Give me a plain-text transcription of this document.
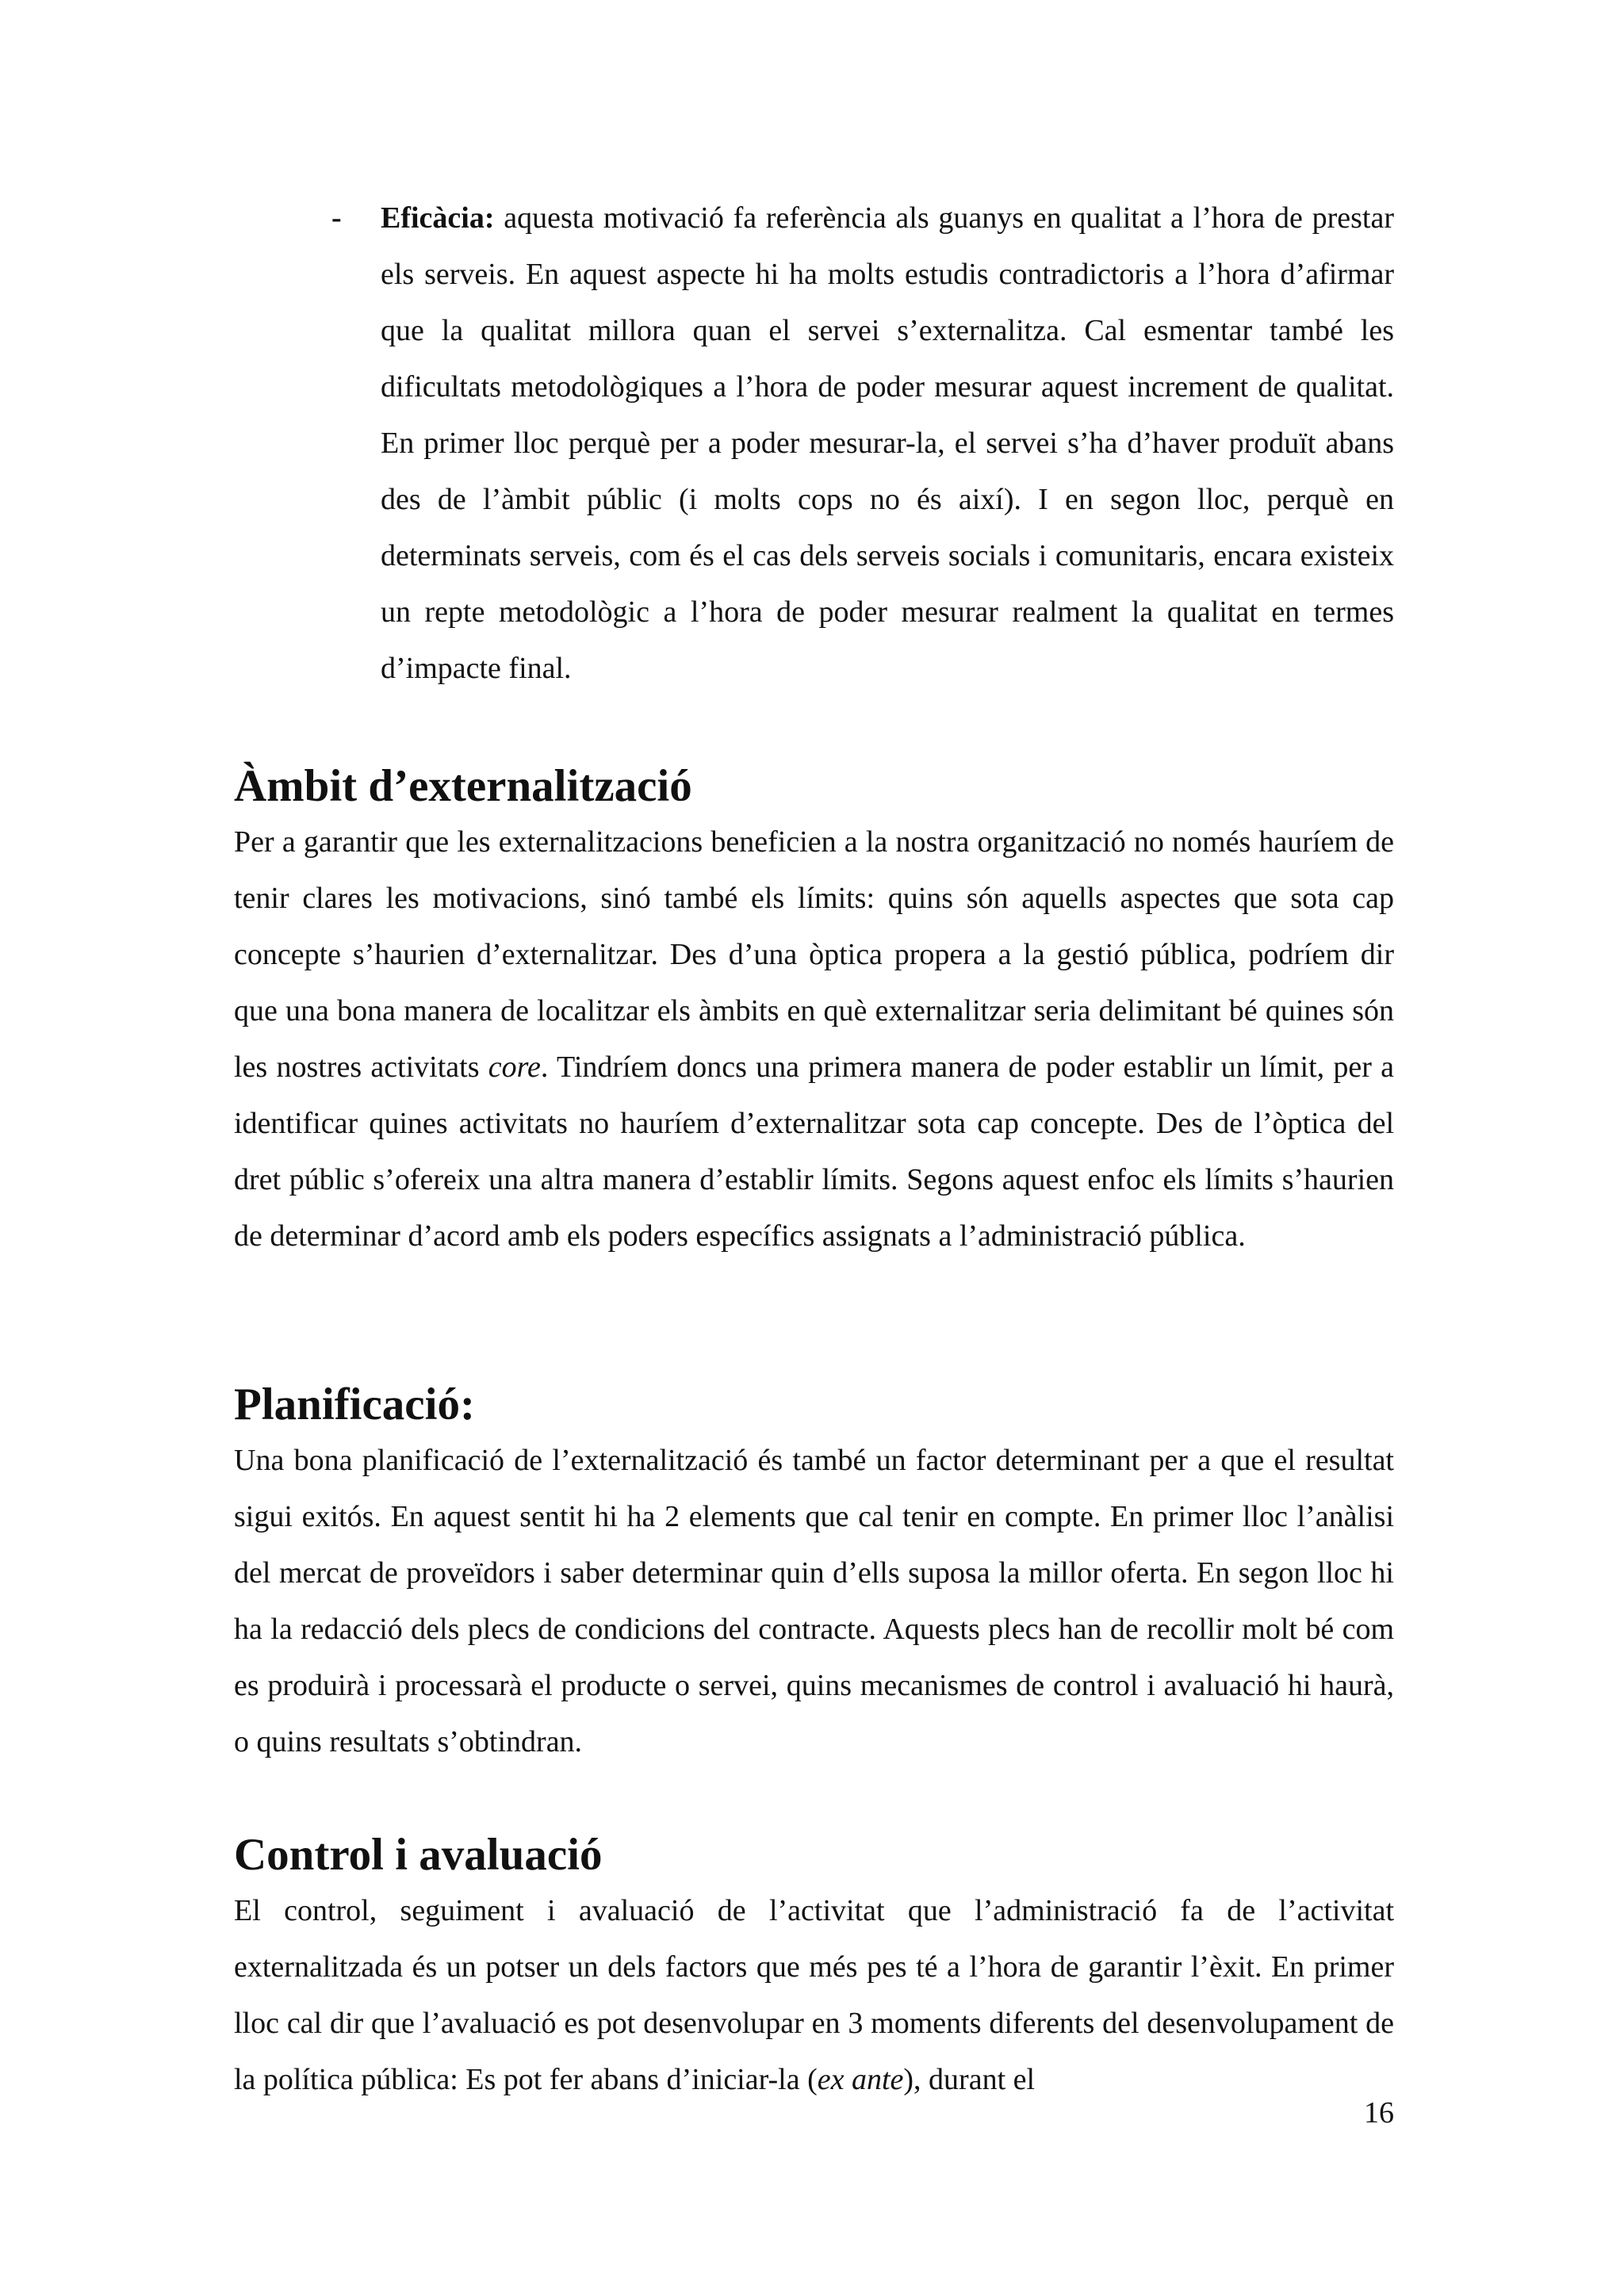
- Eficàcia: aquesta motivació fa referència als guanys en qualitat a l’hora de prestar els serveis. En aquest aspecte hi ha molts estudis contradictoris a l’hora d’afirmar que la qualitat millora quan el servei s’externalitza. Cal esmentar també les dificultats metodològiques a l’hora de poder mesurar aquest increment de qualitat. En primer lloc perquè per a poder mesurar-la, el servei s’ha d’haver produït abans des de l’àmbit públic (i molts cops no és així). I en segon lloc, perquè en determinats serveis, com és el cas dels serveis socials i comunitaris, encara existeix un repte metodològic a l’hora de poder mesurar realment la qualitat en termes d’impacte final.

Àmbit d’externalització

Per a garantir que les externalitzacions beneficien a la nostra organització no només hauríem de tenir clares les motivacions, sinó també els límits: quins són aquells aspectes que sota cap concepte s’haurien d’externalitzar. Des d’una òptica propera a la gestió pública, podríem dir que una bona manera de localitzar els àmbits en què externalitzar seria delimitant bé quines són les nostres activitats core. Tindríem doncs una primera manera de poder establir un límit, per a identificar quines activitats no hauríem d’externalitzar sota cap concepte. Des de l’òptica del dret públic s’ofereix una altra manera d’establir límits. Segons aquest enfoc els límits s’haurien de determinar d’acord amb els poders específics assignats a l’administració pública.

Planificació:

Una bona planificació de l’externalització és també un factor determinant per a que el resultat sigui exitós. En aquest sentit hi ha 2 elements que cal tenir en compte. En primer lloc l’anàlisi del mercat de proveïdors i saber determinar quin d’ells suposa la millor oferta. En segon lloc hi ha la redacció dels plecs de condicions del contracte. Aquests plecs han de recollir molt bé com es produirà i processarà el producte o servei, quins mecanismes de control i avaluació hi haurà, o quins resultats s’obtindran.

Control i avaluació

El control, seguiment i avaluació de l’activitat que l’administració fa de l’activitat externalitzada és un potser un dels factors que més pes té a l’hora de garantir l’èxit. En primer lloc cal dir que l’avaluació es pot desenvolupar en 3 moments diferents del desenvolupament de la política pública: Es pot fer abans d’iniciar-la (ex ante), durant el

16
